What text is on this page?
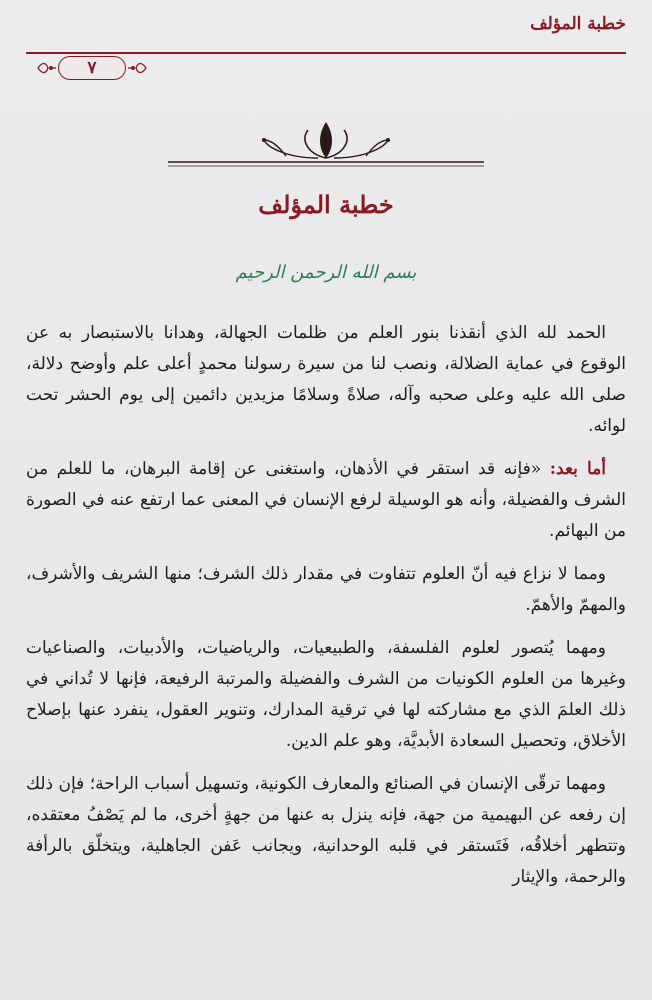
خطبة المؤلف
٧
خطبة المؤلف
بسم الله الرحمن الرحيم

الحمد لله الذي أنقذنا بنور العلم من ظلمات الجهالة، وهدانا بالاستبصار به عن الوقوع في عماية الضلالة، ونصب لنا من سيرة رسولنا محمدٍ أعلى علم وأوضح دلالة، صلى الله عليه وعلى صحبه وآله، صلاةً وسلامًا مزيدين دائمين إلى يوم الحشر تحت لوائه.

أما بعد: «فإنه قد استقر في الأذهان، واستغنى عن إقامة البرهان، ما للعلم من الشرف والفضيلة، وأنه هو الوسيلة لرفع الإنسان في المعنى عما ارتفع عنه في الصورة من البهائم.

ومما لا نزاع فيه أنّ العلوم تتفاوت في مقدار ذلك الشرف؛ منها الشريف والأشرف، والمهمّ والأهمّ.

ومهما يُتصور لعلوم الفلسفة، والطبيعيات، والرياضيات، والأدبيات، والصناعيات وغيرها من العلوم الكونيات من الشرف والفضيلة والمرتبة الرفيعة، فإنها لا تُداني في ذلك العلمَ الذي مع مشاركته لها في ترقية المدارك، وتنوير العقول، ينفرد عنها بإصلاح الأخلاق، وتحصيل السعادة الأبديَّة، وهو علم الدين.

ومهما ترقّى الإنسان في الصنائع والمعارف الكونية، وتسهيل أسباب الراحة؛ فإن ذلك إن رفعه عن البهيمية من جهة، فإنه ينزل به عنها من جهةٍ أخرى، ما لم يَصْفُ معتقده، وتتطهر أخلاقُه، فَتَستقر في قلبه الوحدانية، ويجانب عَفن الجاهلية، ويتخلّق بالرأفة والرحمة، والإيثار
